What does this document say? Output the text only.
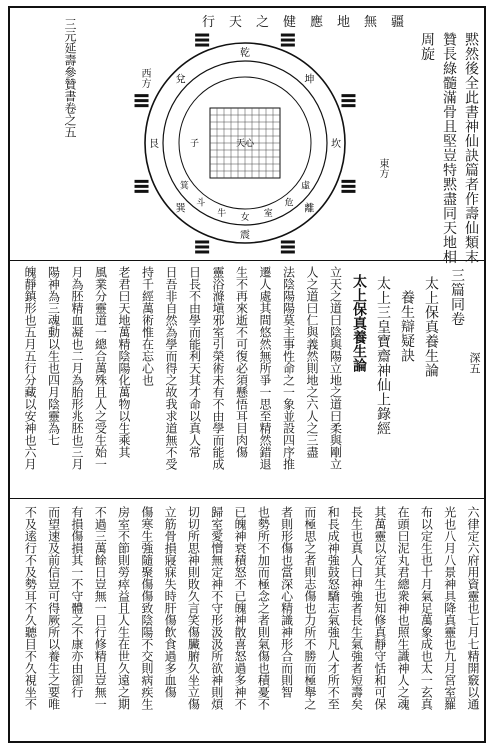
黙然後全此書神仙訣篇者作壽仙類末
贊長綠髓滿骨且堅豈特黙盡同天地相
周旋
行天之健應地無疆
天心
乾
坤
坎
離
震
巽
艮
兌
子
虛
危
室
女
牛
斗
箕
西方
東方
三元延壽參贊書卷之五
三篇同卷
太上保真養生論
養生辯疑訣
太上三皇寶齋神仙上錄經
太上保真養生論
立天之道曰陰與陽立地之道曰柔與剛立
人之道曰仁與義然則地之六人之三盡
法陰陽陽莫主事性命之一象並設四序推
遷人處其間悠然無所爭一思至精然錯退
生不再來逝不可復必須懸悟耳目肉傷
靈浴滌塡邪室引榮術未有不由學而能成
日長不由學而能利天其才命以真人常
日吾非自然為學而得之故我求道無不受
持千經萬術惟在忘心也
老君曰天地萬精陰陽化萬物以生乘其
風業分靈道一總合萬殊且人之受生始一
月為胚精血凝也二月為胎形兆胚也三月
陽神為三魂動以生也四月陰靈為七
魄靜鎮形也五月五行分藏以安神也六月	深五
六律定六府用資靈也七月七精開竅以通
光也八月八景神具降真靈也九月宮室羅
布以定生也十月氣足萬象成也太一玄真
在頭曰泥丸君總衆神也照生識神人之魂
其萬靈以定其生也知修真靜守恬和可保
長生也真人曰神強者長生氣強者短壽矣
和長成神強鼓怒驕志氣強凡人才所不至
而極思之者則志傷也力所不勝而極舉之
者則形傷也當深心精識神形合而則智
也勢所不加而極念之者則氣傷也積憂不
已魄神衰積怒不已魄神散喜怒過多神不
歸室愛憎無定神不守形汲汲所欲神則煩
切切所思神則敗久言笑傷臟腑久坐立傷
立筋骨損寢寐失時肝傷飲食過多血傷
傷寒生強隨聚傷傷致陰陽不交則病疾生
房室不節則勞瘁益且人生在世久遠之期
不過三萬餘日豈無一日行修精且豈無一
有損傷損其一不守體之不康亦由卻行
而望速及前信豈可得厥所以養生之要唯
不及逺行不及勢耳不久聽目不久視坐不
